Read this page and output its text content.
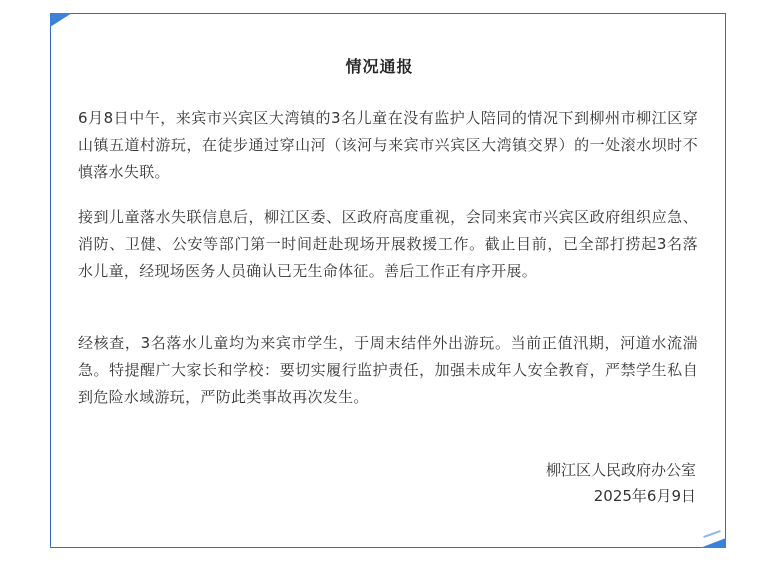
情况通报

6月8日中午，来宾市兴宾区大湾镇的3名儿童在没有监护人陪同的情况下到柳州市柳江区穿山镇五道村游玩，在徒步通过穿山河（该河与来宾市兴宾区大湾镇交界）的一处滚水坝时不慎落水失联。

接到儿童落水失联信息后，柳江区委、区政府高度重视，会同来宾市兴宾区政府组织应急、消防、卫健、公安等部门第一时间赶赴现场开展救援工作。截止目前，已全部打捞起3名落水儿童，经现场医务人员确认已无生命体征。善后工作正有序开展。

经核查，3名落水儿童均为来宾市学生，于周末结伴外出游玩。当前正值汛期，河道水流湍急。特提醒广大家长和学校：要切实履行监护责任，加强未成年人安全教育，严禁学生私自到危险水域游玩，严防此类事故再次发生。

柳江区人民政府办公室
2025年6月9日
